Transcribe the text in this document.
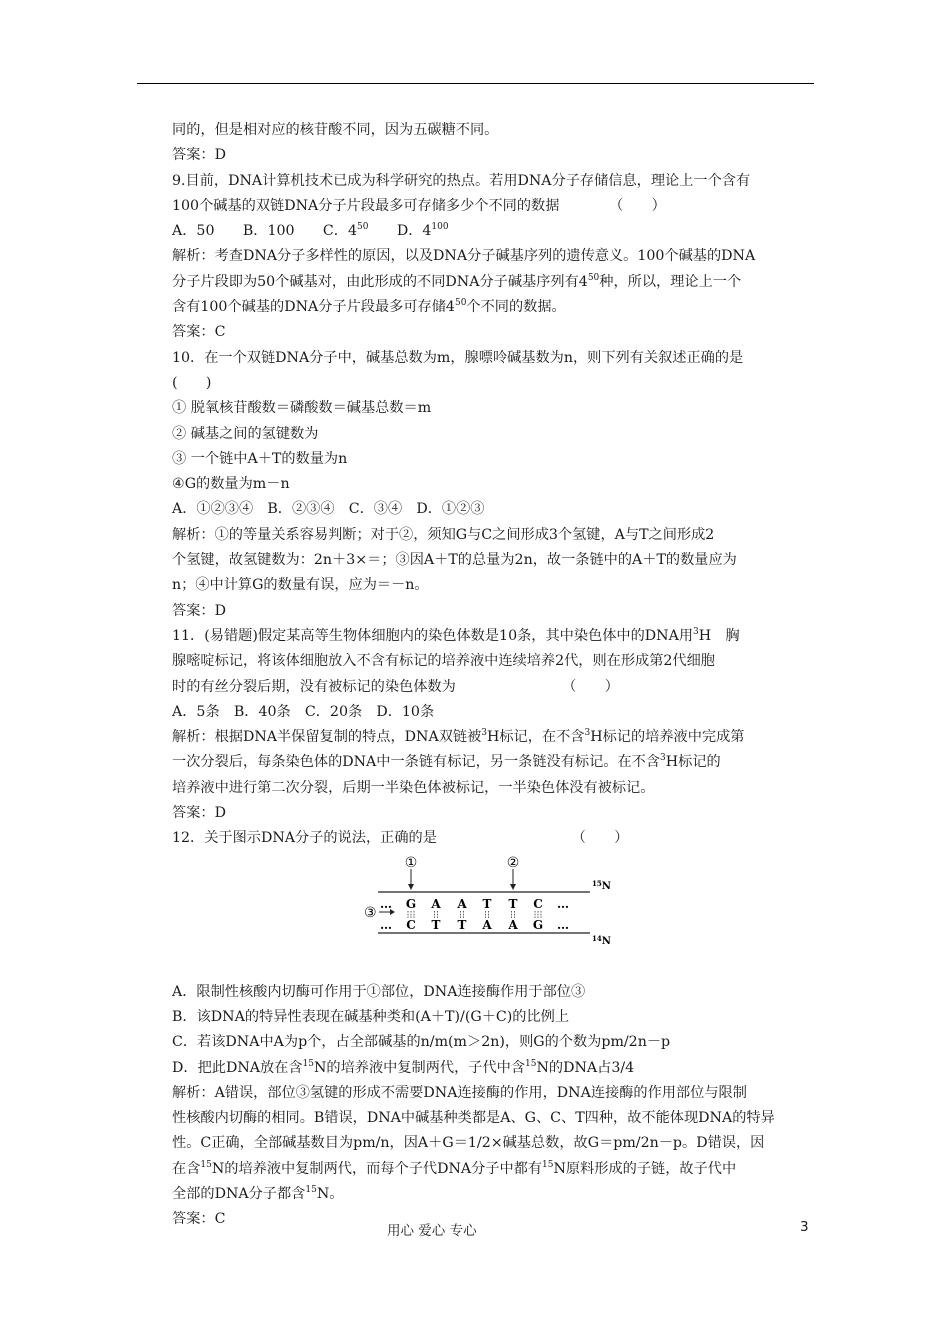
同的，但是相对应的核苷酸不同，因为五碳糖不同。
答案：D
9.目前，DNA计算机技术已成为科学研究的热点。若用DNA分子存储信息，理论上一个含有
100个碱基的双链DNA分子片段最多可存储多少个不同的数据　　　　（　　）
A．50　　B．100　　C．$4^{50}$　　D．$4^{100}$
解析：考查DNA分子多样性的原因，以及DNA分子碱基序列的遗传意义。100个碱基的DNA
分子片段即为50个碱基对，由此形成的不同DNA分子碱基序列有$4^{50}$种，所以，理论上一个
含有100个碱基的DNA分子片段最多可存储$4^{50}$个不同的数据。
答案：C
10．在一个双链DNA分子中，碱基总数为m，腺嘌呤碱基数为n，则下列有关叙述正确的是
(　　)
① 脱氧核苷酸数＝磷酸数＝碱基总数＝m
② 碱基之间的氢键数为
③ 一个链中A＋T的数量为n
④G的数量为m－n
A．①②③④　B．②③④　C．③④　D．①②③
解析：①的等量关系容易判断；对于②，须知G与C之间形成3个氢键，A与T之间形成2
个氢键，故氢键数为：2n＋3×＝；③因A＋T的总量为2n，故一条链中的A＋T的数量应为
n；④中计算G的数量有误，应为＝－n。
答案：D
11．(易错题)假定某高等生物体细胞内的染色体数是10条，其中染色体中的DNA用$^3$H　胸
腺嘧啶标记，将该体细胞放入不含有标记的培养液中连续培养2代，则在形成第2代细胞
时的有丝分裂后期，没有被标记的染色体数为　　　　　　　　（　　）
A．5条　B．40条　C．20条　D．10条
解析：根据DNA半保留复制的特点，DNA双链被$^3$H标记，在不含$^3$H标记的培养液中完成第
一次分裂后，每条染色体的DNA中一条链有标记，另一条链没有标记。在不含$^3$H标记的
培养液中进行第二次分裂，后期一半染色体被标记，一半染色体没有被标记。
答案：D
12．关于图示DNA分子的说法，正确的是　　　　　　　　　　（　　）
①	②
③
… G A A T T C …
… C T T A A G …
$^{15}$N
$^{14}$N
A．限制性核酸内切酶可作用于①部位，DNA连接酶作用于部位③
B．该DNA的特异性表现在碱基种类和(A＋T)/(G＋C)的比例上
C．若该DNA中A为p个，占全部碱基的n/m(m＞2n)，则G的个数为pm/2n－p
D．把此DNA放在含$^{15}$N的培养液中复制两代，子代中含$^{15}$N的DNA占3/4
解析：A错误，部位③氢键的形成不需要DNA连接酶的作用，DNA连接酶的作用部位与限制
性核酸内切酶的相同。B错误，DNA中碱基种类都是A、G、C、T四种，故不能体现DNA的特异
性。C正确，全部碱基数目为pm/n，因A＋G＝1/2×碱基总数，故G＝pm/2n－p。D错误，因
在含$^{15}$N的培养液中复制两代，而每个子代DNA分子中都有$^{15}$N原料形成的子链，故子代中
全部的DNA分子都含$^{15}$N。
答案：C
用心 爱心 专心	3
